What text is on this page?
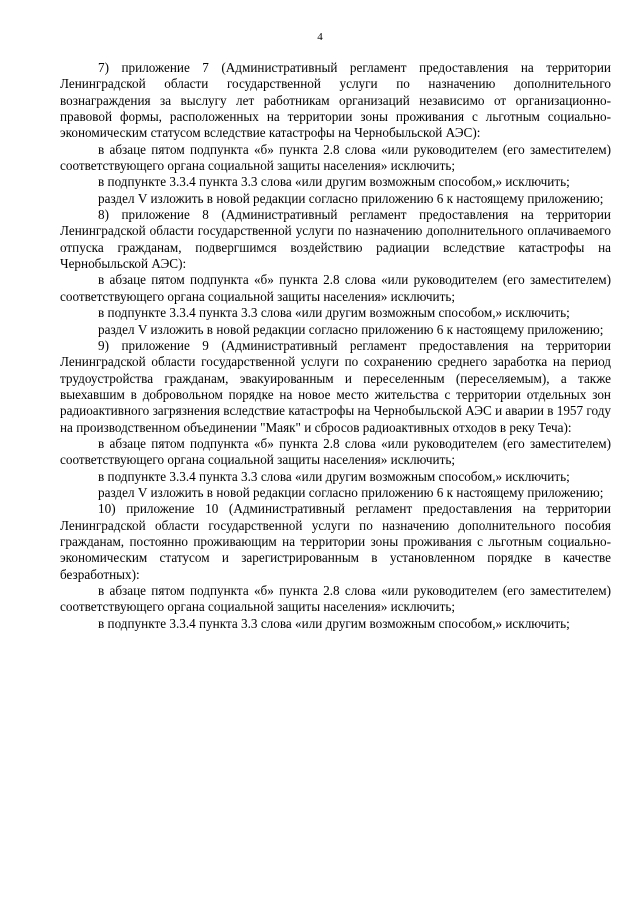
4

7) приложение 7 (Административный регламент предоставления на территории Ленинградской области государственной услуги по назначению дополнительного вознаграждения за выслугу лет работникам организаций независимо от организационно-правовой формы, расположенных на территории зоны проживания с льготным социально-экономическим статусом вследствие катастрофы на Чернобыльской АЭС):

в абзаце пятом подпункта «б» пункта 2.8 слова «или руководителем (его заместителем) соответствующего органа социальной защиты населения» исключить;

в подпункте 3.3.4 пункта 3.3 слова «или другим возможным способом,» исключить;

раздел V изложить в новой редакции согласно приложению 6 к настоящему приложению;

8) приложение 8 (Административный регламент предоставления на территории Ленинградской области государственной услуги по назначению дополнительного оплачиваемого отпуска гражданам, подвергшимся воздействию радиации вследствие катастрофы на Чернобыльской АЭС):

в абзаце пятом подпункта «б» пункта 2.8 слова «или руководителем (его заместителем) соответствующего органа социальной защиты населения» исключить;

в подпункте 3.3.4 пункта 3.3 слова «или другим возможным способом,» исключить;

раздел V изложить в новой редакции согласно приложению 6 к настоящему приложению;

9) приложение 9 (Административный регламент предоставления на территории Ленинградской области государственной услуги по сохранению среднего заработка на период трудоустройства гражданам, эвакуированным и переселенным (переселяемым), а также выехавшим в добровольном порядке на новое место жительства с территории отдельных зон радиоактивного загрязнения вследствие катастрофы на Чернобыльской АЭС и аварии в 1957 году на производственном объединении "Маяк" и сбросов радиоактивных отходов в реку Теча):

в абзаце пятом подпункта «б» пункта 2.8 слова «или руководителем (его заместителем) соответствующего органа социальной защиты населения» исключить;

в подпункте 3.3.4 пункта 3.3 слова «или другим возможным способом,» исключить;

раздел V изложить в новой редакции согласно приложению 6 к настоящему приложению;

10) приложение 10 (Административный регламент предоставления на территории Ленинградской области государственной услуги по назначению дополнительного пособия гражданам, постоянно проживающим на территории зоны проживания с льготным социально-экономическим статусом и зарегистрированным в установленном порядке в качестве безработных):

в абзаце пятом подпункта «б» пункта 2.8 слова «или руководителем (его заместителем) соответствующего органа социальной защиты населения» исключить;

в подпункте 3.3.4 пункта 3.3 слова «или другим возможным способом,» исключить;
